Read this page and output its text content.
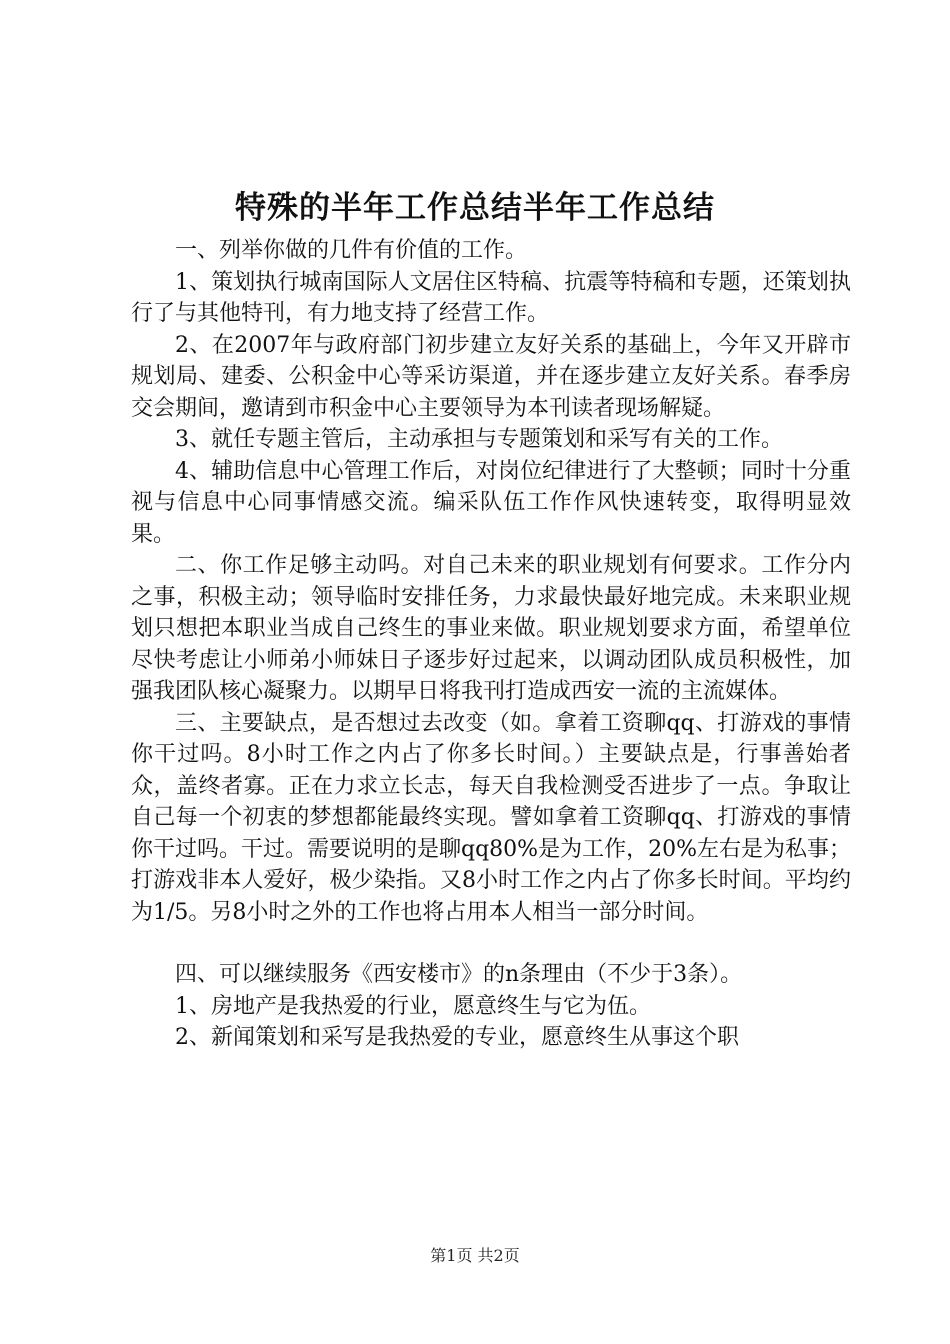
特殊的半年工作总结半年工作总结

一、列举你做的几件有价值的工作。

1、策划执行城南国际人文居住区特稿、抗震等特稿和专题，还策划执行了与其他特刊，有力地支持了经营工作。

2、在2007年与政府部门初步建立友好关系的基础上，今年又开辟市规划局、建委、公积金中心等采访渠道，并在逐步建立友好关系。春季房交会期间，邀请到市积金中心主要领导为本刊读者现场解疑。

3、就任专题主管后，主动承担与专题策划和采写有关的工作。

4、辅助信息中心管理工作后，对岗位纪律进行了大整顿；同时十分重视与信息中心同事情感交流。编采队伍工作作风快速转变，取得明显效果。

二、你工作足够主动吗。对自己未来的职业规划有何要求。工作分内之事，积极主动；领导临时安排任务，力求最快最好地完成。未来职业规划只想把本职业当成自己终生的事业来做。职业规划要求方面，希望单位尽快考虑让小师弟小师妹日子逐步好过起来，以调动团队成员积极性，加强我团队核心凝聚力。以期早日将我刊打造成西安一流的主流媒体。

三、主要缺点，是否想过去改变（如。拿着工资聊qq、打游戏的事情你干过吗。8小时工作之内占了你多长时间。）主要缺点是，行事善始者众，盖终者寡。正在力求立长志，每天自我检测受否进步了一点。争取让自己每一个初衷的梦想都能最终实现。譬如拿着工资聊qq、打游戏的事情你干过吗。干过。需要说明的是聊qq80%是为工作，20%左右是为私事；打游戏非本人爱好，极少染指。又8小时工作之内占了你多长时间。平均约为1/5。另8小时之外的工作也将占用本人相当一部分时间。

四、可以继续服务《西安楼市》的n条理由（不少于3条）。

1、房地产是我热爱的行业，愿意终生与它为伍。

2、新闻策划和采写是我热爱的专业，愿意终生从事这个职

第1页 共2页
